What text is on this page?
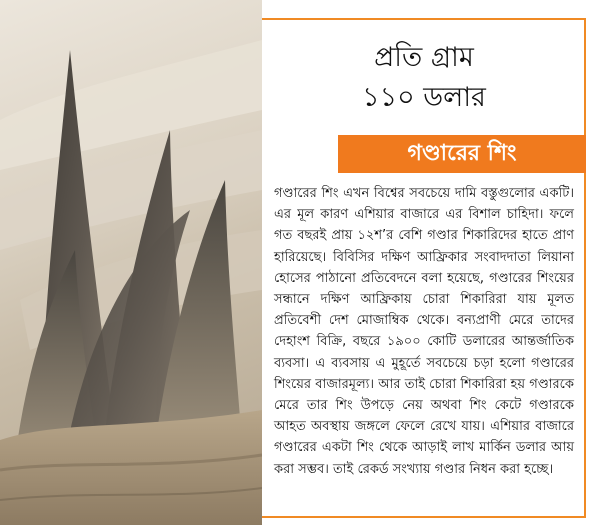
প্রতি গ্রাম
১১০ ডলার
গণ্ডারের শিং
গণ্ডারের শিং এখন বিশ্বের সবচেয়ে দামি বস্তুগুলোর একটি। এর মূল কারণ এশিয়ার বাজারে এর বিশাল চাহিদা। ফলে গত বছরই প্রায় ১২শ’র বেশি গণ্ডার শিকারিদের হাতে প্রাণ হারিয়েছে। বিবিসির দক্ষিণ আফ্রিকার সংবাদদাতা লিয়ানা হোসের পাঠানো প্রতিবেদনে বলা হয়েছে, গণ্ডারের শিংয়ের সন্ধানে দক্ষিণ আফ্রিকায় চোরা শিকারিরা যায় মূলত প্রতিবেশী দেশ মোজাম্বিক থেকে। বন্যপ্রাণী মেরে তাদের দেহাংশ বিক্রি, বছরে ১৯০০ কোটি ডলারের আন্তর্জাতিক ব্যবসা। এ ব্যবসায় এ মুহূর্তে সবচেয়ে চড়া হলো গণ্ডারের শিংয়ের বাজারমূল্য। আর তাই চোরা শিকারিরা হয় গণ্ডারকে মেরে তার শিং উপড়ে নেয় অথবা শিং কেটে গণ্ডারকে আহত অবস্থায় জঙ্গলে ফেলে রেখে যায়। এশিয়ার বাজারে গণ্ডারের একটা শিং থেকে আড়াই লাখ মার্কিন ডলার আয় করা সম্ভব। তাই রেকর্ড সংখ্যায় গণ্ডার নিধন করা হচ্ছে।
